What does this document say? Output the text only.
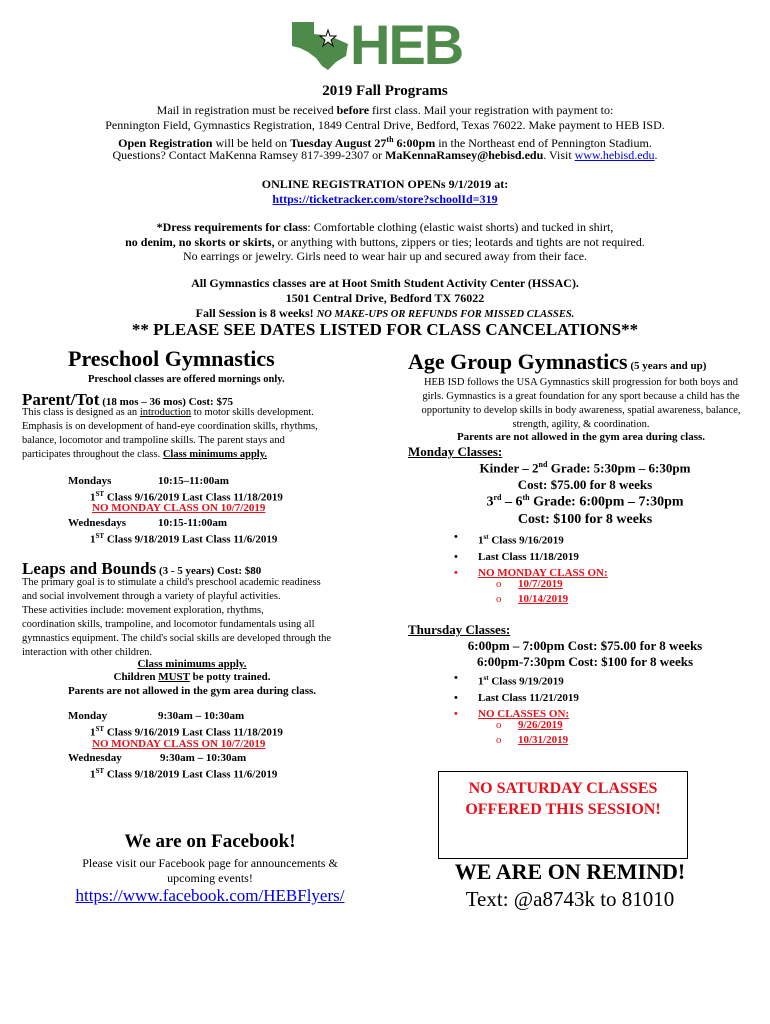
HEB
2019 Fall Programs
Mail in registration must be received before first class. Mail your registration with payment to:
Pennington Field, Gymnastics Registration, 1849 Central Drive, Bedford, Texas 76022. Make payment to HEB ISD.
Open Registration will be held on Tuesday August 27th 6:00pm in the Northeast end of Pennington Stadium.
Questions? Contact MaKenna Ramsey 817-399-2307 or MaKennaRamsey@hebisd.edu. Visit www.hebisd.edu.
ONLINE REGISTRATION OPENs 9/1/2019 at:
https://ticketracker.com/store?schoolId=319
*Dress requirements for class: Comfortable clothing (elastic waist shorts) and tucked in shirt,
no denim, no skorts or skirts, or anything with buttons, zippers or ties; leotards and tights are not required.
No earrings or jewelry. Girls need to wear hair up and secured away from their face.
All Gymnastics classes are at Hoot Smith Student Activity Center (HSSAC).
1501 Central Drive, Bedford TX 76022
Fall Session is 8 weeks! NO MAKE-UPS OR REFUNDS FOR MISSED CLASSES.
** PLEASE SEE DATES LISTED FOR CLASS CANCELATIONS**
Preschool Gymnastics
Preschool classes are offered mornings only.
Parent/Tot (18 mos – 36 mos) Cost: $75
This class is designed as an introduction to motor skills development.
Emphasis is on development of hand-eye coordination skills, rhythms,
balance, locomotor and trampoline skills. The parent stays and
participates throughout the class. Class minimums apply.
Mondays	10:15–11:00am
1ST Class 9/16/2019 Last Class 11/18/2019
NO MONDAY CLASS ON 10/7/2019
Wednesdays	10:15-11:00am
1ST Class 9/18/2019 Last Class 11/6/2019
Leaps and Bounds (3 - 5 years) Cost: $80
The primary goal is to stimulate a child's preschool academic readiness
and social involvement through a variety of playful activities.
These activities include: movement exploration, rhythms,
coordination skills, trampoline, and locomotor fundamentals using all
gymnastics equipment. The child's social skills are developed through the
interaction with other children.
Class minimums apply.
Children MUST be potty trained.
Parents are not allowed in the gym area during class.
Monday	9:30am – 10:30am
1ST Class 9/16/2019 Last Class 11/18/2019
NO MONDAY CLASS ON 10/7/2019
Wednesday	9:30am – 10:30am
1ST Class 9/18/2019 Last Class 11/6/2019
We are on Facebook!
Please visit our Facebook page for announcements &
upcoming events!
https://www.facebook.com/HEBFlyers/
Age Group Gymnastics (5 years and up)
HEB ISD follows the USA Gymnastics skill progression for both boys and
girls. Gymnastics is a great foundation for any sport because a child has the
opportunity to develop skills in body awareness, spatial awareness, balance,
strength, agility, & coordination.
Parents are not allowed in the gym area during class.
Monday Classes:
Kinder – 2nd Grade: 5:30pm – 6:30pm
Cost: $75.00 for 8 weeks
3rd – 6th Grade: 6:00pm – 7:30pm
Cost: $100 for 8 weeks
• 1st Class 9/16/2019
• Last Class 11/18/2019
• NO MONDAY CLASS ON:
o 10/7/2019
o 10/14/2019
Thursday Classes:
6:00pm – 7:00pm Cost: $75.00 for 8 weeks
6:00pm-7:30pm Cost: $100 for 8 weeks
• 1st Class 9/19/2019
• Last Class 11/21/2019
• NO CLASSES ON:
o 9/26/2019
o 10/31/2019
NO SATURDAY CLASSES
OFFERED THIS SESSION!
WE ARE ON REMIND!
Text: @a8743k to 81010
